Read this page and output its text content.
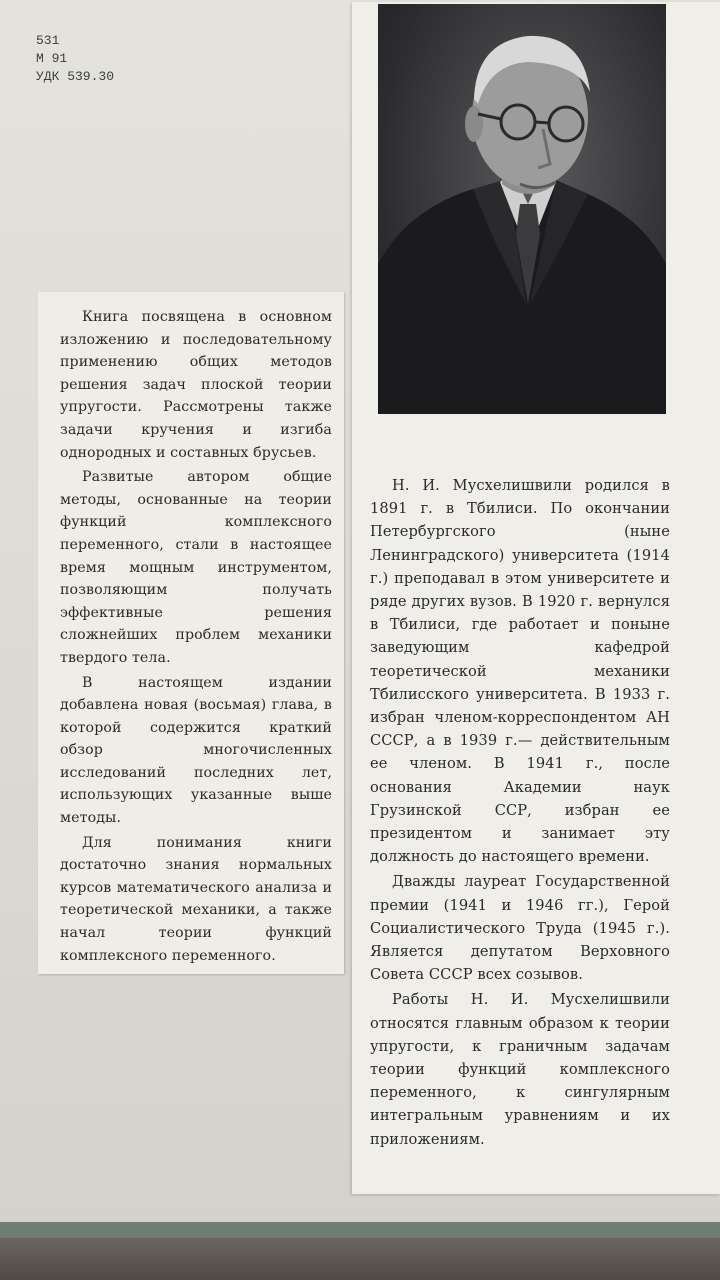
531
М 91
УДК 539.30

Книга посвящена в основном изложению и последовательному применению общих методов решения задач плоской теории упругости. Рассмотрены также задачи кручения и изгиба однородных и составных брусьев.

Развитые автором общие методы, основанные на теории функций комплексного переменного, стали в настоящее время мощным инструментом, позволяющим получать эффективные решения сложнейших проблем механики твердого тела.

В настоящем издании добавлена новая (восьмая) глава, в которой содержится краткий обзор многочисленных исследований последних лет, использующих указанные выше методы.

Для понимания книги достаточно знания нормальных курсов математического анализа и теоретической механики, а также начал теории функций комплексного переменного.

Н. И. Мусхелишвили родился в 1891 г. в Тбилиси. По окончании Петербургского (ныне Ленинградского) университета (1914 г.) преподавал в этом университете и ряде других вузов. В 1920 г. вернулся в Тбилиси, где работает и поныне заведующим кафедрой теоретической механики Тбилисского университета. В 1933 г. избран членом-корреспондентом АН СССР, а в 1939 г.— действительным ее членом. В 1941 г., после основания Академии наук Грузинской ССР, избран ее президентом и занимает эту должность до настоящего времени.

Дважды лауреат Государственной премии (1941 и 1946 гг.), Герой Социалистического Труда (1945 г.). Является депутатом Верховного Совета СССР всех созывов.

Работы Н. И. Мусхелишвили относятся главным образом к теории упругости, к граничным задачам теории функций комплексного переменного, к сингулярным интегральным уравнениям и их приложениям.
